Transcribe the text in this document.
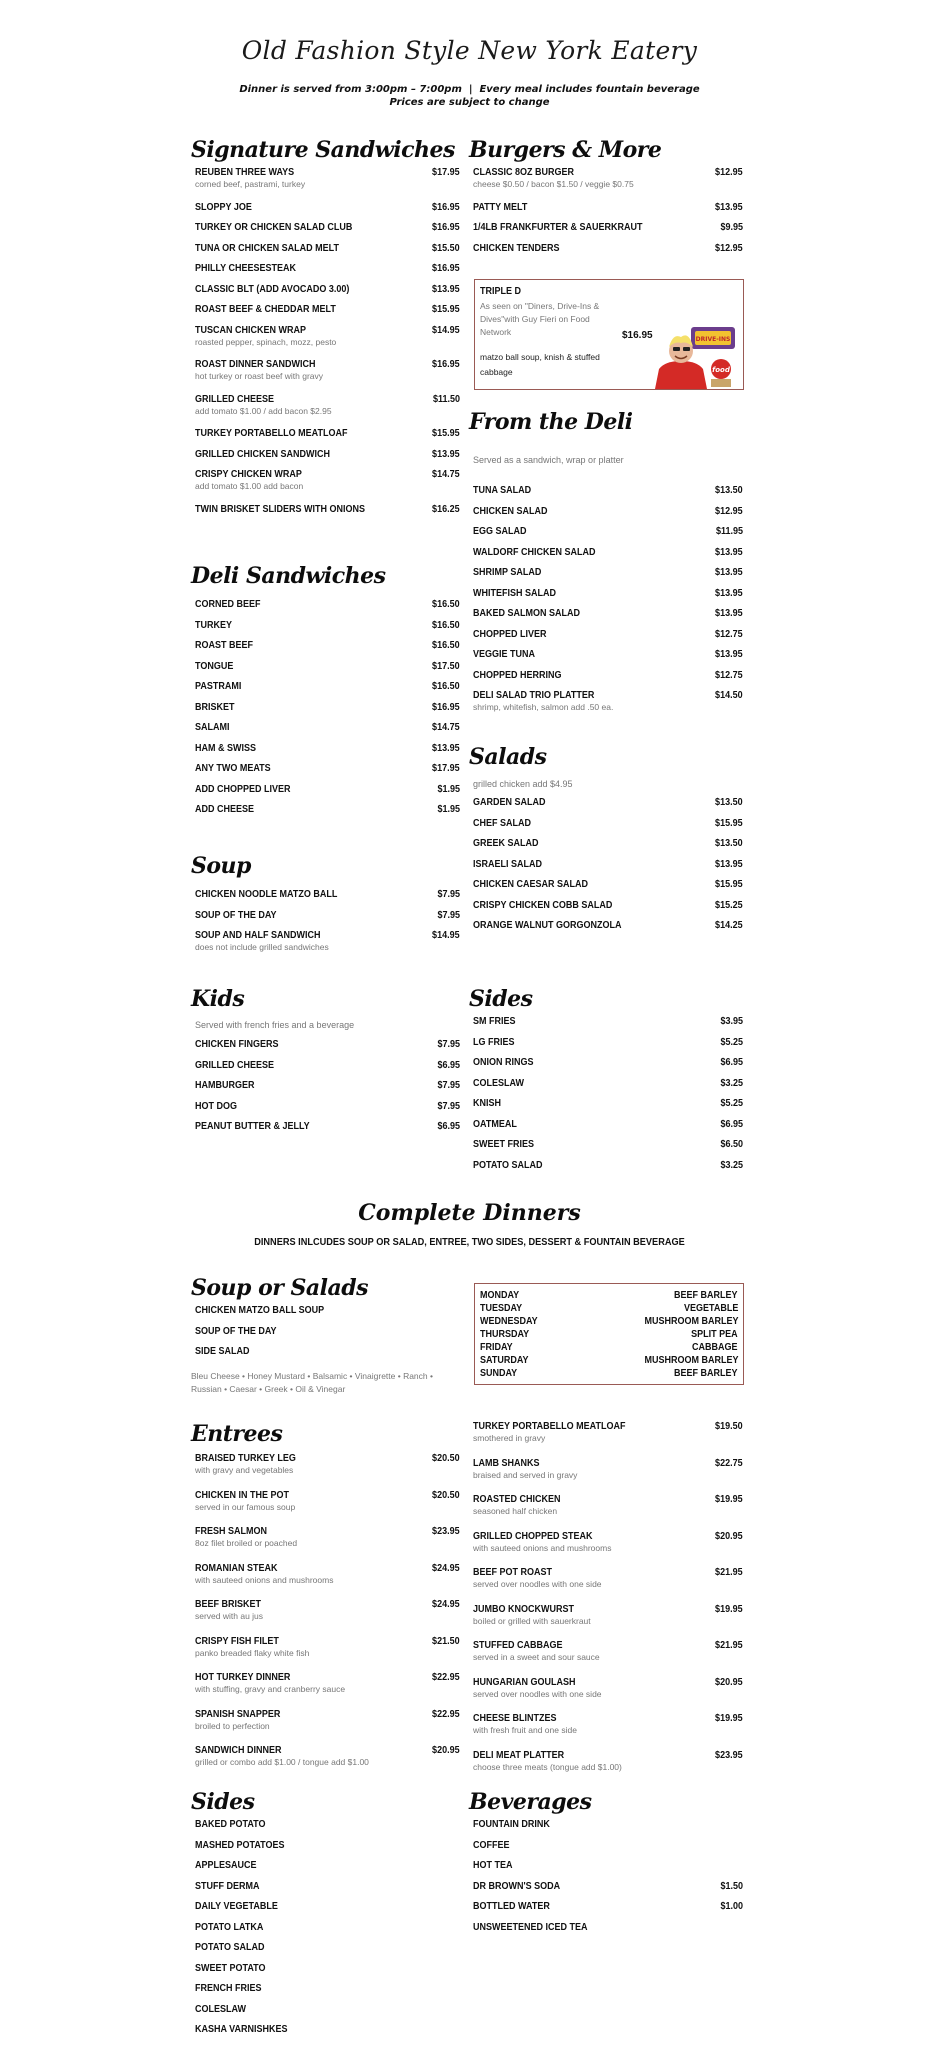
Old Fashion Style New York Eatery
Dinner is served from 3:00pm – 7:00pm  |  Every meal includes fountain beverage
Prices are subject to change
Signature Sandwiches
REUBEN THREE WAYS	$17.95
corned beef, pastrami, turkey
SLOPPY JOE	$16.95
TURKEY OR CHICKEN SALAD CLUB	$16.95
TUNA OR CHICKEN SALAD MELT	$15.50
PHILLY CHEESESTEAK	$16.95
CLASSIC BLT (ADD AVOCADO 3.00)	$13.95
ROAST BEEF & CHEDDAR MELT	$15.95
TUSCAN CHICKEN WRAP	$14.95
roasted pepper, spinach, mozz, pesto
ROAST DINNER SANDWICH	$16.95
hot turkey or roast beef with gravy
GRILLED CHEESE	$11.50
add tomato $1.00 / add bacon $2.95
TURKEY PORTABELLO MEATLOAF	$15.95
GRILLED CHICKEN SANDWICH	$13.95
CRISPY CHICKEN WRAP	$14.75
add tomato $1.00 add bacon
TWIN BRISKET SLIDERS WITH ONIONS	$16.25
Burgers & More
CLASSIC 8OZ BURGER	$12.95
cheese $0.50 / bacon $1.50 / veggie $0.75
PATTY MELT	$13.95
1/4LB FRANKFURTER & SAUERKRAUT	$9.95
CHICKEN TENDERS	$12.95
TRIPLE D
As seen on "Diners, Drive-Ins &
Dives"with Guy Fieri on Food
Network	$16.95
matzo ball soup, knish & stuffed
cabbage
DRIVE-INS
food
From the Deli
Served as a sandwich, wrap or platter
TUNA SALAD	$13.50
CHICKEN SALAD	$12.95
EGG SALAD	$11.95
WALDORF CHICKEN SALAD	$13.95
SHRIMP SALAD	$13.95
WHITEFISH SALAD	$13.95
BAKED SALMON SALAD	$13.95
CHOPPED LIVER	$12.75
VEGGIE TUNA	$13.95
CHOPPED HERRING	$12.75
DELI SALAD TRIO PLATTER	$14.50
shrimp, whitefish, salmon add .50 ea.
Deli Sandwiches
CORNED BEEF	$16.50
TURKEY	$16.50
ROAST BEEF	$16.50
TONGUE	$17.50
PASTRAMI	$16.50
BRISKET	$16.95
SALAMI	$14.75
HAM & SWISS	$13.95
ANY TWO MEATS	$17.95
ADD CHOPPED LIVER	$1.95
ADD CHEESE	$1.95
Salads
grilled chicken add $4.95
GARDEN SALAD	$13.50
CHEF SALAD	$15.95
GREEK SALAD	$13.50
ISRAELI SALAD	$13.95
CHICKEN CAESAR SALAD	$15.95
CRISPY CHICKEN COBB SALAD	$15.25
ORANGE WALNUT GORGONZOLA	$14.25
Soup
CHICKEN NOODLE MATZO BALL	$7.95
SOUP OF THE DAY	$7.95
SOUP AND HALF SANDWICH	$14.95
does not include grilled sandwiches
Kids
Served with french fries and a beverage
CHICKEN FINGERS	$7.95
GRILLED CHEESE	$6.95
HAMBURGER	$7.95
HOT DOG	$7.95
PEANUT BUTTER & JELLY	$6.95
Sides
SM FRIES	$3.95
LG FRIES	$5.25
ONION RINGS	$6.95
COLESLAW	$3.25
KNISH	$5.25
OATMEAL	$6.95
SWEET FRIES	$6.50
POTATO SALAD	$3.25
Complete Dinners
DINNERS INLCUDES SOUP OR SALAD, ENTREE, TWO SIDES, DESSERT & FOUNTAIN BEVERAGE
Soup or Salads
CHICKEN MATZO BALL SOUP
SOUP OF THE DAY
SIDE SALAD
Bleu Cheese • Honey Mustard • Balsamic • Vinaigrette • Ranch •
Russian • Caesar • Greek • Oil & Vinegar
MONDAY	BEEF BARLEY
TUESDAY	VEGETABLE
WEDNESDAY	MUSHROOM BARLEY
THURSDAY	SPLIT PEA
FRIDAY	CABBAGE
SATURDAY	MUSHROOM BARLEY
SUNDAY	BEEF BARLEY
Entrees
BRAISED TURKEY LEG	$20.50
with gravy and vegetables
CHICKEN IN THE POT	$20.50
served in our famous soup
FRESH SALMON	$23.95
8oz filet broiled or poached
ROMANIAN STEAK	$24.95
with sauteed onions and mushrooms
BEEF BRISKET	$24.95
served with au jus
CRISPY FISH FILET	$21.50
panko breaded flaky white fish
HOT TURKEY DINNER	$22.95
with stuffing, gravy and cranberry sauce
SPANISH SNAPPER	$22.95
broiled to perfection
SANDWICH DINNER	$20.95
grilled or combo add $1.00 / tongue add $1.00
TURKEY PORTABELLO MEATLOAF	$19.50
smothered in gravy
LAMB SHANKS	$22.75
braised and served in gravy
ROASTED CHICKEN	$19.95
seasoned half chicken
GRILLED CHOPPED STEAK	$20.95
with sauteed onions and mushrooms
BEEF POT ROAST	$21.95
served over noodles with one side
JUMBO KNOCKWURST	$19.95
boiled or grilled with sauerkraut
STUFFED CABBAGE	$21.95
served in a sweet and sour sauce
HUNGARIAN GOULASH	$20.95
served over noodles with one side
CHEESE BLINTZES	$19.95
with fresh fruit and one side
DELI MEAT PLATTER	$23.95
choose three meats (tongue add $1.00)
Sides
BAKED POTATO
MASHED POTATOES
APPLESAUCE
STUFF DERMA
DAILY VEGETABLE
POTATO LATKA
POTATO SALAD
SWEET POTATO
FRENCH FRIES
COLESLAW
KASHA VARNISHKES
Beverages
FOUNTAIN DRINK
COFFEE
HOT TEA
DR BROWN'S SODA	$1.50
BOTTLED WATER	$1.00
UNSWEETENED ICED TEA
